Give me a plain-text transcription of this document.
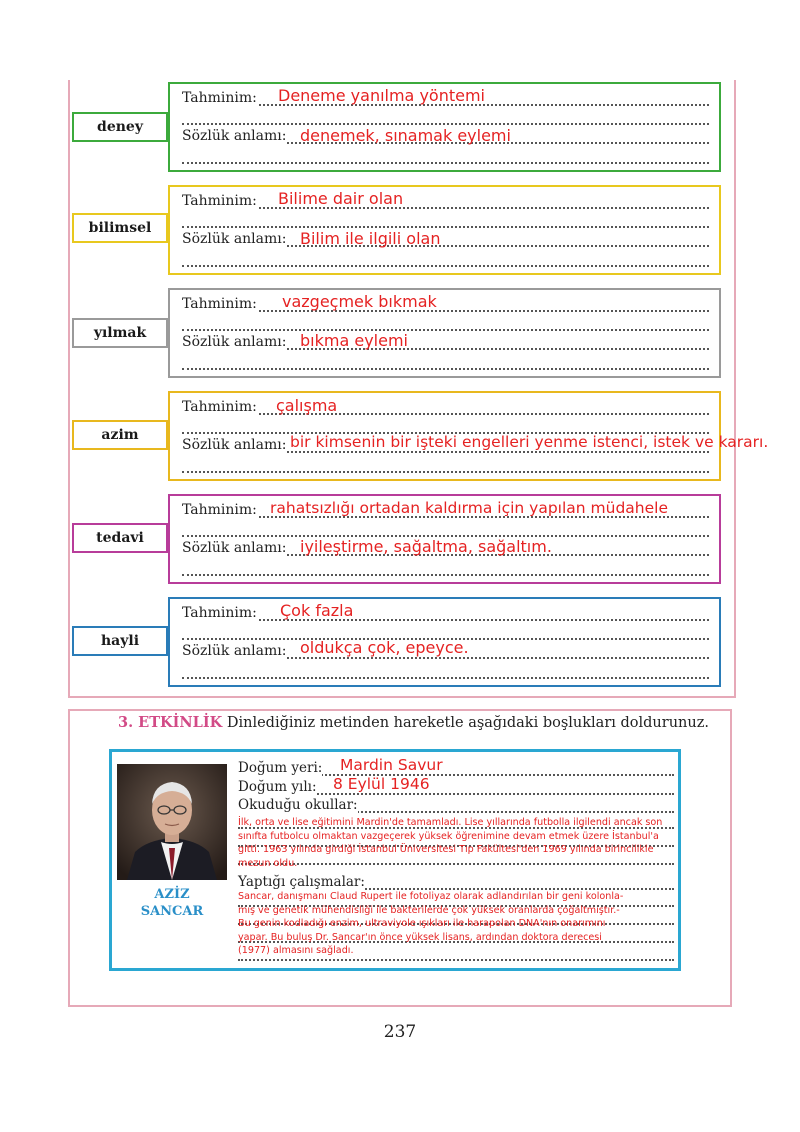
deney
Tahminim:
Sözlük anlamı:
Deneme yanılma yöntemi
denemek, sınamak eylemi
bilimsel
Tahminim:
Sözlük anlamı:
Bilime dair olan
Bilim ile ilgili olan
yılmak
Tahminim:
Sözlük anlamı:
vazgeçmek bıkmak
bıkma eylemi
azim
Tahminim:
Sözlük anlamı:
çalışma
bir kimsenin bir işteki engelleri yenme istenci, istek ve kararı.
tedavi
Tahminim:
Sözlük anlamı:
rahatsızlığı ortadan kaldırma için yapılan müdahele
iyileştirme, sağaltma, sağaltım.
hayli
Tahminim:
Sözlük anlamı:
Çok fazla
oldukça çok, epeyce.
3. ETKİNLİK Dinlediğiniz metinden hareketle aşağıdaki boşlukları doldurunuz.
AZİZ
SANCAR
Doğum yeri:	Mardin Savur
Doğum yılı:	8 Eylül 1946
Okuduğu okullar:
İlk, orta ve lise eğitimini Mardin'de tamamladı. Lise yıllarında futbolla ilgilendi ancak son
sınıfta futbolcu olmaktan vazgeçerek yüksek öğrenimine devam etmek üzere İstanbul'a
gitti. 1963 yılında girdiği İstanbul Üniversitesi Tıp Fakültesi'den 1969 yılında birincilikle
mezun oldu.
Yaptığı çalışmalar:
Sancar, danışmanı Claud Rupert ile fotoliyaz olarak adlandırılan bir geni kolonla-
mış ve genetik mühendisliği ile bakterilerde çok yüksek oranlarda çoğaltmıştır.-
Bu genin kodladığı enzim, ultraviyole ışıkları ile harapolan DNA'nın onarımını
yapar. Bu buluş Dr. Sancar'ın önce yüksek lisans, ardından doktora derecesi
(1977) almasını sağladı.
237
